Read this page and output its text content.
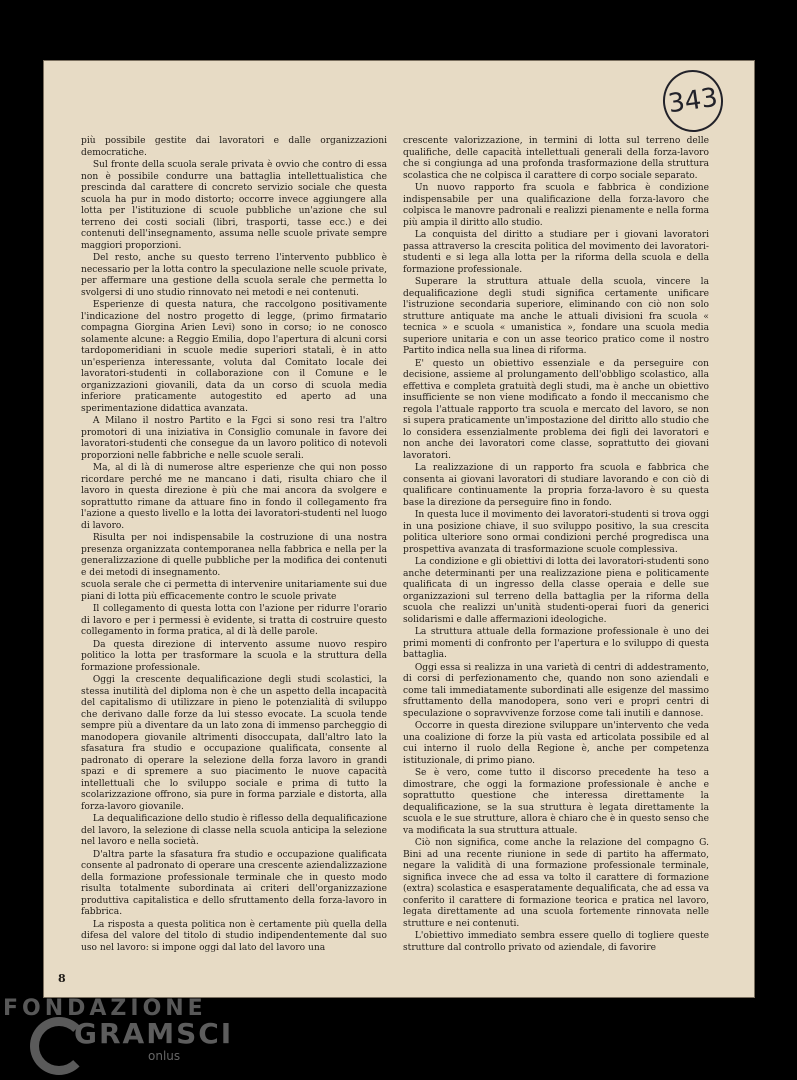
343

più possibile gestite dai lavoratori e dalle organizzazioni democratiche.

Sul fronte della scuola serale privata è ovvio che contro di essa non è possibile condurre una battaglia intellettualistica che prescinda dal carattere di concreto servizio sociale che questa scuola ha pur in modo distorto; occorre invece aggiungere alla lotta per l'istituzione di scuole pubbliche un'azione che sul terreno dei costi sociali (libri, trasporti, tasse ecc.) e dei contenuti dell'insegnamento, assuma nelle scuole private sempre maggiori proporzioni.

Del resto, anche su questo terreno l'intervento pubblico è necessario per la lotta contro la speculazione nelle scuole private, per affermare una gestione della scuola serale che permetta lo svolgersi di uno studio rinnovato nei metodi e nei contenuti.

Esperienze di questa natura, che raccolgono positivamente l'indicazione del nostro progetto di legge, (primo firmatario compagna Giorgina Arien Levi) sono in corso; io ne conosco solamente alcune: a Reggio Emilia, dopo l'apertura di alcuni corsi tardopomeridiani in scuole medie superiori statali, è in atto un'esperienza interessante, voluta dal Comitato locale dei lavoratori-studenti in collaborazione con il Comune e le organizzazioni giovanili, data da un corso di scuola media inferiore praticamente autogestito ed aperto ad una sperimentazione didattica avanzata.

A Milano il nostro Partito e la Fgci si sono resi tra l'altro promotori di una iniziativa in Consiglio comunale in favore dei lavoratori-studenti che consegue da un lavoro politico di notevoli proporzioni nelle fabbriche e nelle scuole serali.

Ma, al di là di numerose altre esperienze che qui non posso ricordare perché me ne mancano i dati, risulta chiaro che il lavoro in questa direzione è più che mai ancora da svolgere e soprattutto rimane da attuare fino in fondo il collegamento fra l'azione a questo livello e la lotta dei lavoratori-studenti nel luogo di lavoro.

Risulta per noi indispensabile la costruzione di una nostra presenza organizzata contemporanea nella fabbrica e nella per la generalizzazione di quelle pubbliche per la modifica dei contenuti e dei metodi di insegnamento.

scuola serale che ci permetta di intervenire unitariamente sui due piani di lotta più efficacemente contro le scuole private

Il collegamento di questa lotta con l'azione per ridurre l'orario di lavoro e per i permessi è evidente, si tratta di costruire questo collegamento in forma pratica, al di là delle parole.

Da questa direzione di intervento assume nuovo respiro politico la lotta per trasformare la scuola e la struttura della formazione professionale.

Oggi la crescente dequalificazione degli studi scolastici, la stessa inutilità del diploma non è che un aspetto della incapacità del capitalismo di utilizzare in pieno le potenzialità di sviluppo che derivano dalle forze da lui stesso evocate. La scuola tende sempre più a diventare da un lato zona di immenso parcheggio di manodopera giovanile altrimenti disoccupata, dall'altro lato la sfasatura fra studio e occupazione qualificata, consente al padronato di operare la selezione della forza lavoro in grandi spazi e di spremere a suo piacimento le nuove capacità intellettuali che lo sviluppo sociale e prima di tutto la scolarizzazione offrono, sia pure in forma parziale e distorta, alla forza-lavoro giovanile.

La dequalificazione dello studio è riflesso della dequalificazione del lavoro, la selezione di classe nella scuola anticipa la selezione nel lavoro e nella società.

D'altra parte la sfasatura fra studio e occupazione qualificata consente al padronato di operare una crescente aziendalizzazione della formazione professionale terminale che in questo modo risulta totalmente subordinata ai criteri dell'organizzazione produttiva capitalistica e dello sfruttamento della forza-lavoro in fabbrica.

La risposta a questa politica non è certamente più quella della difesa del valore del titolo di studio indipendentemente dal suo uso nel lavoro: si impone oggi dal lato del lavoro una

crescente valorizzazione, in termini di lotta sul terreno delle qualifiche, delle capacità intellettuali generali della forza-lavoro che si congiunga ad una profonda trasformazione della struttura scolastica che ne colpisca il carattere di corpo sociale separato.

Un nuovo rapporto fra scuola e fabbrica è condizione indispensabile per una qualificazione della forza-lavoro che colpisca le manovre padronali e realizzi pienamente e nella forma più ampia il diritto allo studio.

La conquista del diritto a studiare per i giovani lavoratori passa attraverso la crescita politica del movimento dei lavoratori-studenti e si lega alla lotta per la riforma della scuola e della formazione professionale.

Superare la struttura attuale della scuola, vincere la dequalificazione degli studi significa certamente unificare l'istruzione secondaria superiore, eliminando con ciò non solo strutture antiquate ma anche le attuali divisioni fra scuola « tecnica » e scuola « umanistica », fondare una scuola media superiore unitaria e con un asse teorico pratico come il nostro Partito indica nella sua linea di riforma.

E' questo un obiettivo essenziale e da perseguire con decisione, assieme al prolungamento dell'obbligo scolastico, alla effettiva e completa gratuità degli studi, ma è anche un obiettivo insufficiente se non viene modificato a fondo il meccanismo che regola l'attuale rapporto tra scuola e mercato del lavoro, se non si supera praticamente un'impostazione del diritto allo studio che lo considera essenzialmente problema dei figli dei lavoratori e non anche dei lavoratori come classe, soprattutto dei giovani lavoratori.

La realizzazione di un rapporto fra scuola e fabbrica che consenta ai giovani lavoratori di studiare lavorando e con ciò di qualificare continuamente la propria forza-lavoro è su questa base la direzione da perseguire fino in fondo.

In questa luce il movimento dei lavoratori-studenti si trova oggi in una posizione chiave, il suo sviluppo positivo, la sua crescita politica ulteriore sono ormai condizioni perché progredisca una prospettiva avanzata di trasformazione scuole complessiva.

La condizione e gli obiettivi di lotta dei lavoratori-studenti sono anche determinanti per una realizzazione piena e politicamente qualificata di un ingresso della classe operaia e delle sue organizzazioni sul terreno della battaglia per la riforma della scuola che realizzi un'unità studenti-operai fuori da generici solidarismi e dalle affermazioni ideologiche.

La struttura attuale della formazione professionale è uno dei primi momenti di confronto per l'apertura e lo sviluppo di questa battaglia.

Oggi essa si realizza in una varietà di centri di addestramento, di corsi di perfezionamento che, quando non sono aziendali e come tali immediatamente subordinati alle esigenze del massimo sfruttamento della manodopera, sono veri e propri centri di speculazione o sopravvivenze forzose come tali inutili e dannose.

Occorre in questa direzione sviluppare un'intervento che veda una coalizione di forze la più vasta ed articolata possibile ed al cui interno il ruolo della Regione è, anche per competenza istituzionale, di primo piano.

Se è vero, come tutto il discorso precedente ha teso a dimostrare, che oggi la formazione professionale è anche e soprattutto questione che interessa direttamente la dequalificazione, se la sua struttura è legata direttamente la scuola e le sue strutture, allora è chiaro che è in questo senso che va modificata la sua struttura attuale.

Ciò non significa, come anche la relazione del compagno G. Bini ad una recente riunione in sede di partito ha affermato, negare la validità di una formazione professionale terminale, significa invece che ad essa va tolto il carattere di formazione (extra) scolastica e esasperatamente dequalificata, che ad essa va conferito il carattere di formazione teorica e pratica nel lavoro, legata direttamente ad una scuola fortemente rinnovata nelle strutture e nei contenuti.

L'obiettivo immediato sembra essere quello di togliere queste strutture dal controllo privato od aziendale, di favorire

8
FONDAZIONE
GRAMSCI
onlus
